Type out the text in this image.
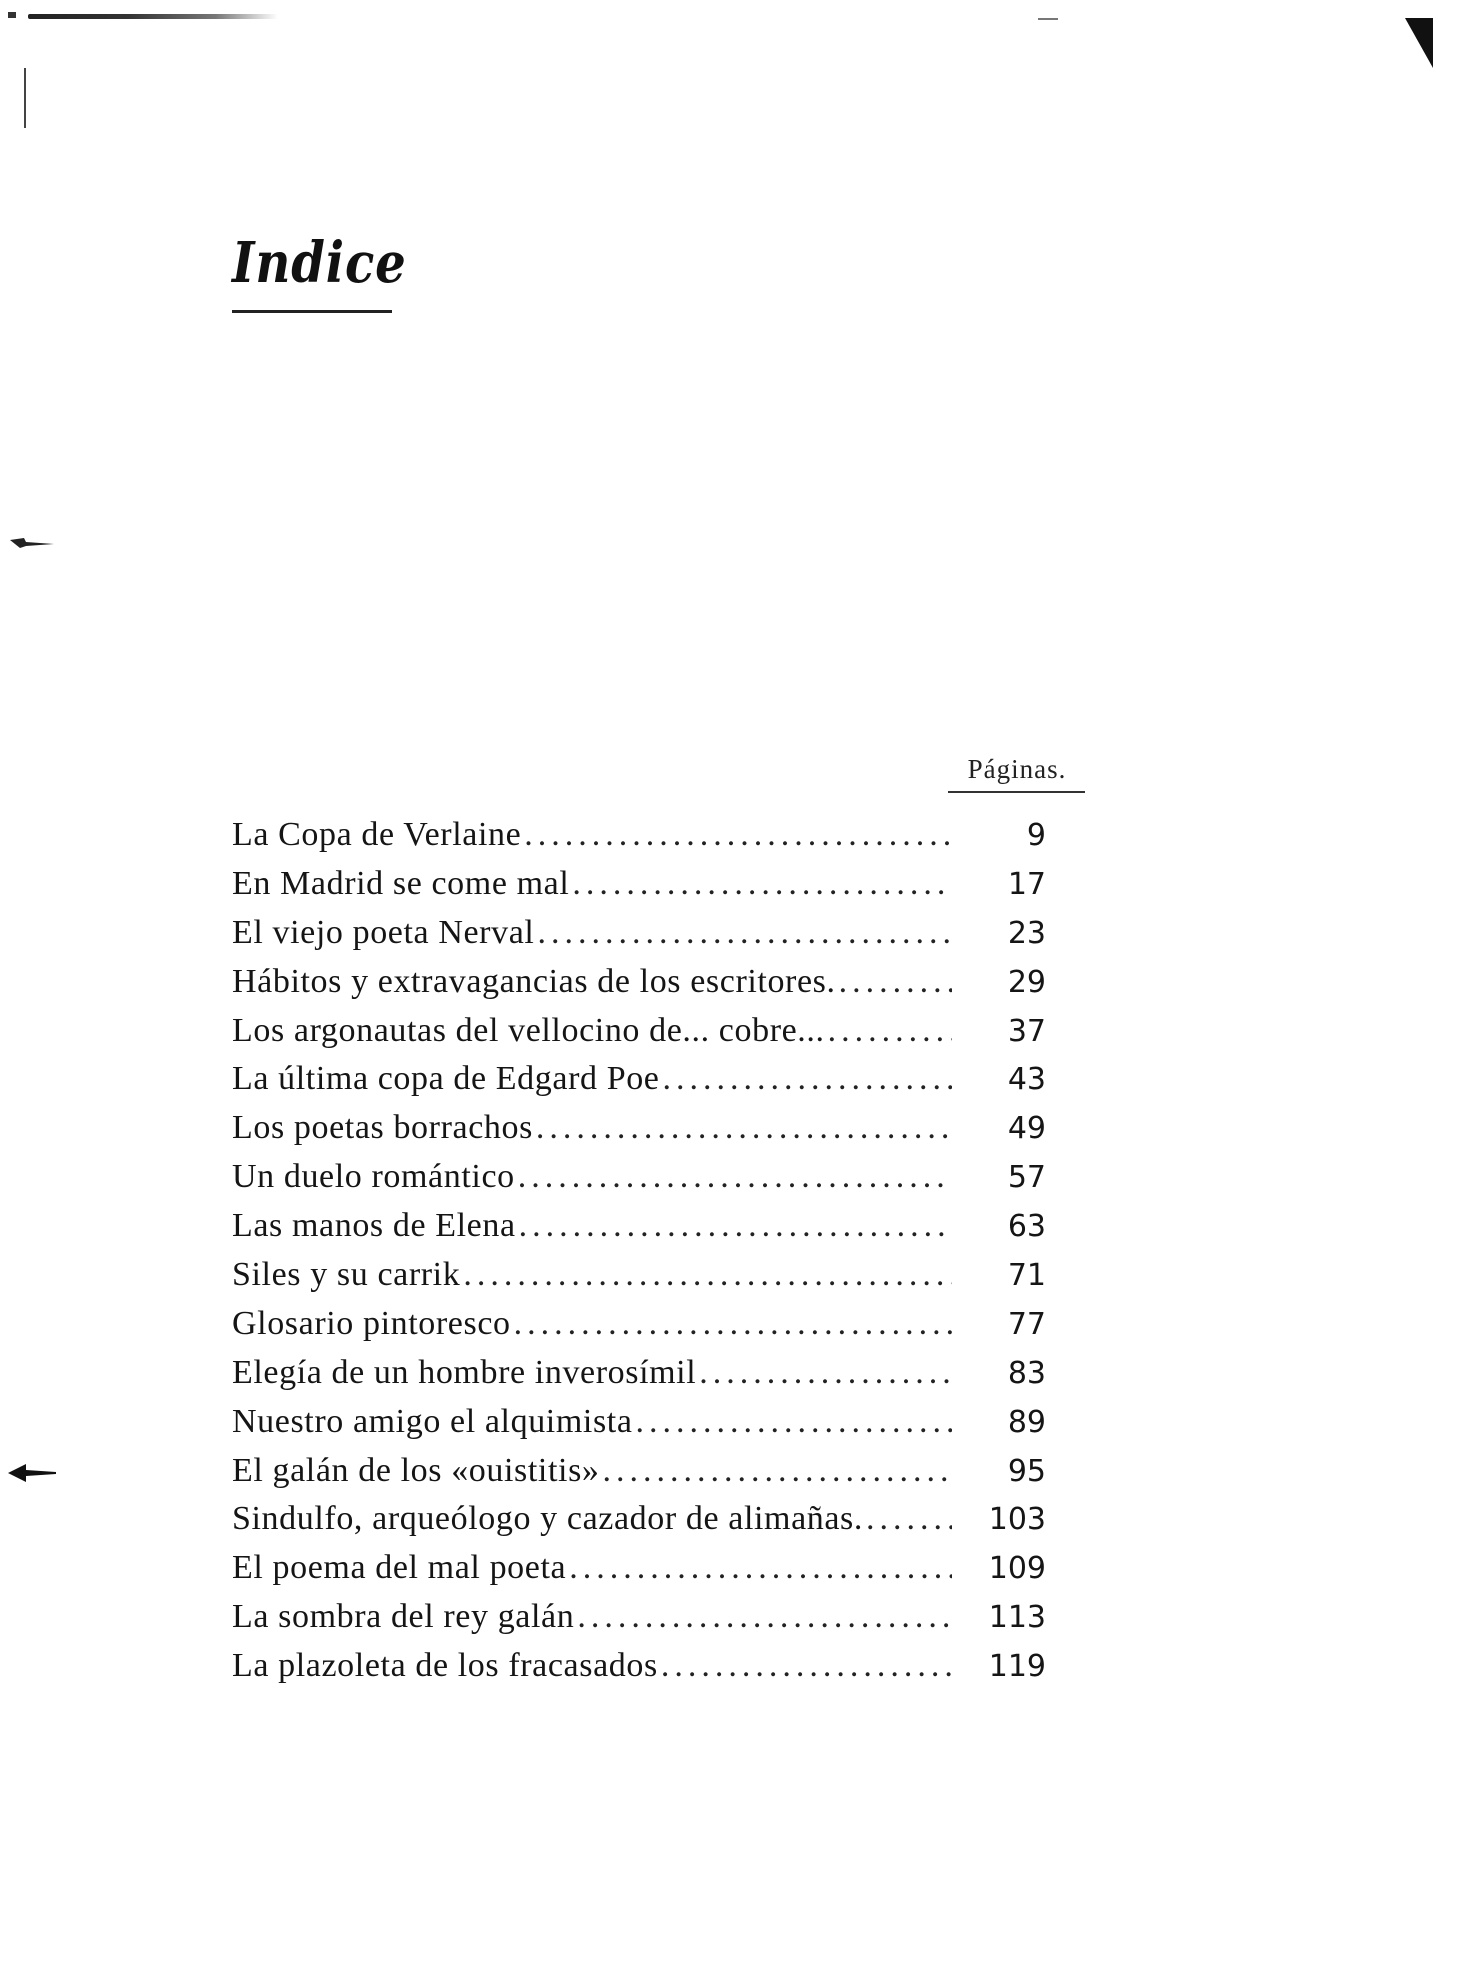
Indice
Páginas.
La Copa de Verlaine .....	9
En Madrid se come mal .....	17
El viejo poeta Nerval .....	23
Hábitos y extravagancias de los escritores. .....	29
Los argonautas del vellocino de... cobre... .....	37
La última copa de Edgard Poe .....	43
Los poetas borrachos .....	49
Un duelo romántico .....	57
Las manos de Elena .....	63
Siles y su carrik .....	71
Glosario pintoresco .....	77
Elegía de un hombre inverosímil .....	83
Nuestro amigo el alquimista .....	89
El galán de los «ouistitis» .....	95
Sindulfo, arqueólogo y cazador de alimañas. .....	103
El poema del mal poeta .....	109
La sombra del rey galán .....	113
La plazoleta de los fracasados .....	119
